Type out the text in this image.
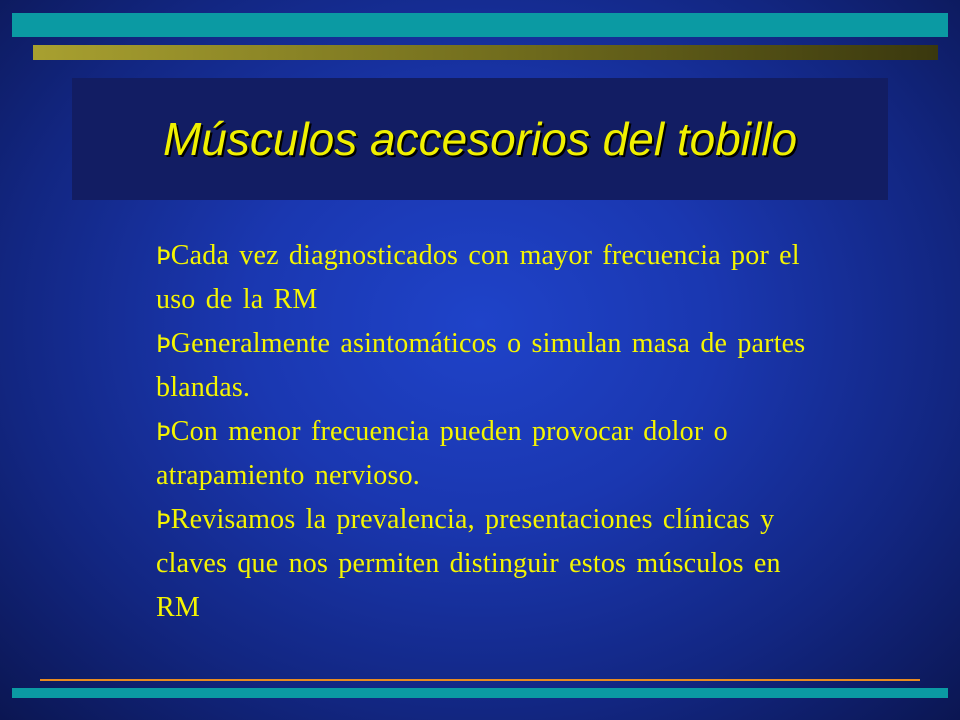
Músculos accesorios del tobillo
ÞCada vez diagnosticados con mayor frecuencia por el uso de la RM
ÞGeneralmente asintomáticos o simulan masa de partes blandas.
ÞCon menor frecuencia pueden provocar dolor o atrapamiento nervioso.
ÞRevisamos la prevalencia, presentaciones clínicas y claves que nos permiten distinguir estos músculos en RM
